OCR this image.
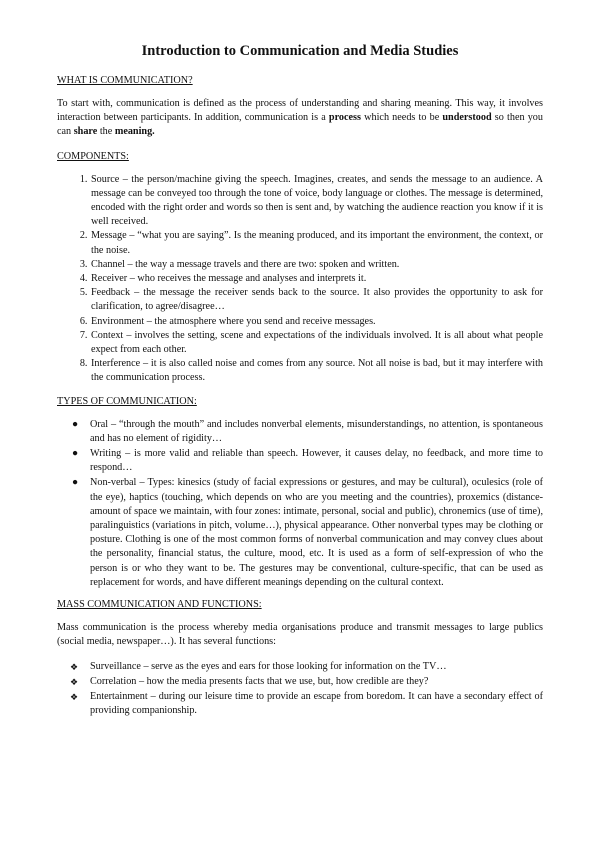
Introduction to Communication and Media Studies
WHAT IS COMMUNICATION?

To start with, communication is defined as the process of understanding and sharing meaning. This way, it involves interaction between participants. In addition, communication is a process which needs to be understood so then you can share the meaning.

COMPONENTS:
1. Source – the person/machine giving the speech. Imagines, creates, and sends the message to an audience. A message can be conveyed too through the tone of voice, body language or clothes. The message is determined, encoded with the right order and words so then is sent and, by watching the audience reaction you know if it is well received.
2. Message – “what you are saying”. Is the meaning produced, and its important the environment, the context, or the noise.
3. Channel – the way a message travels and there are two: spoken and written.
4. Receiver – who receives the message and analyses and interprets it.
5. Feedback – the message the receiver sends back to the source. It also provides the opportunity to ask for clarification, to agree/disagree…
6. Environment – the atmosphere where you send and receive messages.
7. Context – involves the setting, scene and expectations of the individuals involved. It is all about what people expect from each other.
8. Interference – it is also called noise and comes from any source. Not all noise is bad, but it may interfere with the communication process.
TYPES OF COMMUNICATION:
● Oral – “through the mouth” and includes nonverbal elements, misunderstandings, no attention, is spontaneous and has no element of rigidity…
● Writing – is more valid and reliable than speech. However, it causes delay, no feedback, and more time to respond…
● Non-verbal – Types: kinesics (study of facial expressions or gestures, and may be cultural), oculesics (role of the eye), haptics (touching, which depends on who are you meeting and the countries), proxemics (distance-amount of space we maintain, with four zones: intimate, personal, social and public), chronemics (use of time), paralinguistics (variations in pitch, volume…), physical appearance. Other nonverbal types may be clothing or posture. Clothing is one of the most common forms of nonverbal communication and may convey clues about the personality, financial status, the culture, mood, etc. It is used as a form of self-expression of who the person is or who they want to be. The gestures may be conventional, culture-specific, that can be used as replacement for words, and have different meanings depending on the cultural context.
MASS COMMUNICATION AND FUNCTIONS:

Mass communication is the process whereby media organisations produce and transmit messages to large publics (social media, newspaper…). It has several functions:

❖ Surveillance – serve as the eyes and ears for those looking for information on the TV…
❖ Correlation – how the media presents facts that we use, but, how credible are they?
❖ Entertainment – during our leisure time to provide an escape from boredom. It can have a secondary effect of providing companionship.
